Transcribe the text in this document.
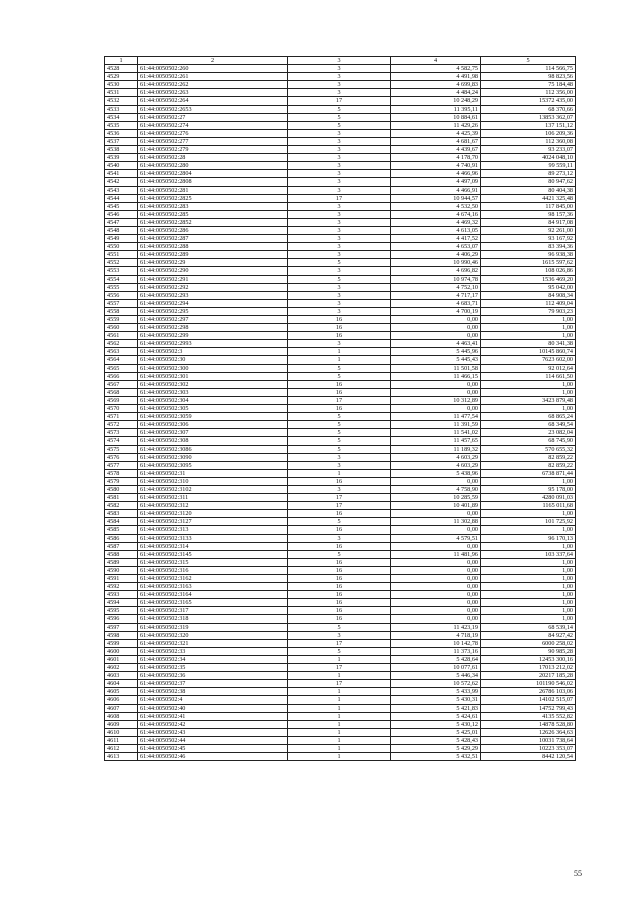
1	2	3	4	5
4528	61:44:0050502:260	3	4 582,75	114 566,75
4529	61:44:0050502:261	3	4 491,98	98 823,56
4530	61:44:0050502:262	3	4 699,83	75 184,48
4531	61:44:0050502:263	3	4 484,24	112 356,00
4532	61:44:0050502:264	17	10 248,29	15372 435,00
4533	61:44:0050502:2653	5	11 395,11	68 370,66
4534	61:44:0050502:27	5	10 884,61	13853 362,07
4535	61:44:0050502:274	5	11 429,26	137 151,12
4536	61:44:0050502:276	3	4 425,39	106 209,36
4537	61:44:0050502:277	3	4 681,67	112 360,08
4538	61:44:0050502:279	3	4 439,67	93 233,07
4539	61:44:0050502:28	3	4 178,70	4024 048,10
4540	61:44:0050502:280	3	4 740,91	99 559,11
4541	61:44:0050502:2804	3	4 466,96	89 273,12
4542	61:44:0050502:2808	3	4 497,09	80 947,62
4543	61:44:0050502:281	3	4 466,91	80 404,38
4544	61:44:0050502:2825	17	10 944,57	4421 325,48
4545	61:44:0050502:283	3	4 532,50	117 845,00
4546	61:44:0050502:285	3	4 674,16	98 157,36
4547	61:44:0050502:2852	3	4 469,32	84 917,08
4548	61:44:0050502:286	3	4 613,05	92 261,00
4549	61:44:0050502:287	3	4 417,52	93 167,92
4550	61:44:0050502:288	3	4 653,07	83 394,36
4551	61:44:0050502:289	3	4 406,29	96 938,38
4552	61:44:0050502:29	5	10 990,46	1615 597,62
4553	61:44:0050502:290	3	4 696,82	108 026,86
4554	61:44:0050502:291	5	10 974,78	1536 469,20
4555	61:44:0050502:292	3	4 752,10	95 042,00
4556	61:44:0050502:293	3	4 717,17	84 908,34
4557	61:44:0050502:294	3	4 683,71	112 409,04
4558	61:44:0050502:295	3	4 700,19	79 903,23
4559	61:44:0050502:297	16	0,00	1,00
4560	61:44:0050502:298	16	0,00	1,00
4561	61:44:0050502:299	16	0,00	1,00
4562	61:44:0050502:2993	3	4 463,41	80 341,38
4563	61:44:0050502:3	1	5 445,96	10145 860,74
4564	61:44:0050502:30	1	5 445,43	7623 602,00
4565	61:44:0050502:300	5	11 501,58	92 012,64
4566	61:44:0050502:301	5	11 466,15	114 661,50
4567	61:44:0050502:302	16	0,00	1,00
4568	61:44:0050502:303	16	0,00	1,00
4569	61:44:0050502:304	17	10 312,89	3423 879,48
4570	61:44:0050502:305	16	0,00	1,00
4571	61:44:0050502:3059	5	11 477,54	68 865,24
4572	61:44:0050502:306	5	11 391,59	68 349,54
4573	61:44:0050502:307	5	11 541,02	23 082,04
4574	61:44:0050502:308	5	11 457,65	68 745,90
4575	61:44:0050502:3086	5	11 189,32	570 655,32
4576	61:44:0050502:3090	3	4 603,29	82 859,22
4577	61:44:0050502:3095	3	4 603,29	82 859,22
4578	61:44:0050502:31	1	5 438,96	6738 871,44
4579	61:44:0050502:310	16	0,00	1,00
4580	61:44:0050502:3102	3	4 758,90	95 178,00
4581	61:44:0050502:311	17	10 285,59	4280 091,03
4582	61:44:0050502:312	17	10 401,89	1165 011,68
4583	61:44:0050502:3120	16	0,00	1,00
4584	61:44:0050502:3127	5	11 302,88	101 725,92
4585	61:44:0050502:313	16	0,00	1,00
4586	61:44:0050502:3133	3	4 579,51	96 170,13
4587	61:44:0050502:314	16	0,00	1,00
4588	61:44:0050502:3145	5	11 481,96	103 337,64
4589	61:44:0050502:315	16	0,00	1,00
4590	61:44:0050502:316	16	0,00	1,00
4591	61:44:0050502:3162	16	0,00	1,00
4592	61:44:0050502:3163	16	0,00	1,00
4593	61:44:0050502:3164	16	0,00	1,00
4594	61:44:0050502:3165	16	0,00	1,00
4595	61:44:0050502:317	16	0,00	1,00
4596	61:44:0050502:318	16	0,00	1,00
4597	61:44:0050502:319	5	11 423,19	68 539,14
4598	61:44:0050502:320	3	4 718,19	84 927,42
4599	61:44:0050502:321	17	10 142,78	6000 258,02
4600	61:44:0050502:33	5	11 373,16	90 985,28
4601	61:44:0050502:34	1	5 428,64	12453 300,16
4602	61:44:0050502:35	17	10 077,61	17013 212,02
4603	61:44:0050502:36	1	5 446,34	20217 185,28
4604	61:44:0050502:37	17	10 572,62	101190 546,02
4605	61:44:0050502:38	1	5 433,99	26786 103,06
4606	61:44:0050502:4	1	5 430,31	14102 515,07
4607	61:44:0050502:40	1	5 421,83	14752 799,43
4608	61:44:0050502:41	1	5 424,61	4135 552,82
4609	61:44:0050502:42	1	5 430,12	14878 528,80
4610	61:44:0050502:43	1	5 425,01	12626 364,63
4611	61:44:0050502:44	1	5 428,43	10031 738,64
4612	61:44:0050502:45	1	5 429,29	10223 353,07
4613	61:44:0050502:46	1	5 432,51	8442 120,54
55
